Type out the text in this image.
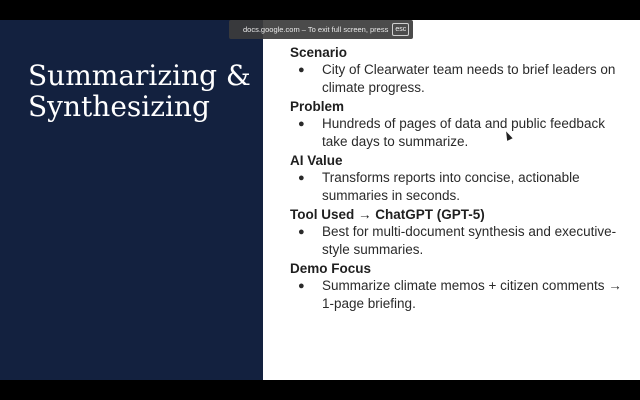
Summarizing &
Synthesizing
Scenario
●	City of Clearwater team needs to brief leaders on climate progress.
Problem
●	Hundreds of pages of data and public feedback take days to summarize.
AI Value
●	Transforms reports into concise, actionable summaries in seconds.
Tool Used → ChatGPT (GPT-5)
●	Best for multi-document synthesis and executive-style summaries.
Demo Focus
●	Summarize climate memos + citizen comments → 1-page briefing.
docs.google.com – To exit full screen, press	esc
